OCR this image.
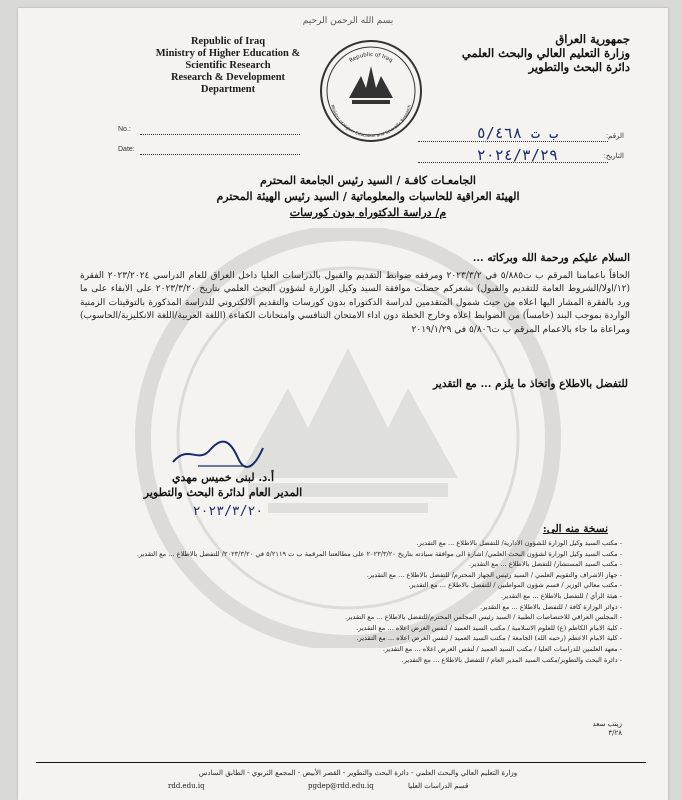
بسم الله الرحمن الرحيم
Republic of Iraq
Ministry of Higher Education &
Scientific Research
Research & Development
Department
Republic of Iraq
Ministry of Higher Education and Scientific Research
جمهورية العراق
وزارة التعليم العالي والبحث العلمي
دائرة البحث والتطوير
No.:
Date:
ب ت ٥/٤٦٨	الرقم:
٢٠٢٤/٣/٢٩	التاريخ:
الجامعـات كافـة / السيد رئيس الجامعة المحترم
الهيئة العراقية للحاسبات والمعلوماتية / السيد رئيس الهيئة المحترم
م/ دراسة الدكتوراه بدون كورسات
السلام عليكم ورحمة الله وبركاته ...
الحاقاً باعمامنا المرقم ب ت٥/٨٨٥ في ٢٠٢٣/٣/٢ ومرفقه ضوابط التقديم والقبول بالدراسات العليا داخل العراق للعام الدراسي ٢٠٢٣/٢٠٢٤ الفقرة (١٢/اولا/الشروط العامة للتقديم والقبول) نشعركم حصلت موافقة السيد وكيل الوزارة لشؤون البحث العلمي بتاريخ ٢٠٢٣/٣/٢٠ على الابقاء على ما ورد بالفقرة المشار اليها اعلاه من حيث شمول المتقدمين لدراسة الدكتوراه بدون كورسات والتقديم الالكتروني للدراسة المذكورة بالتوقيتات الزمنية الواردة بموجب البند (خامساً) من الضوابط اعلاه وخارج الخطة دون اداء الامتحان التنافسي وامتحانات الكفاءة (اللغة العربية/اللغة الانكليزية/الحاسوب) ومراعاة ما جاء بالاعمام المرقم ب ت٥/٨٠٦ في ٢٠١٩/١/٢٩
للتفضل بالاطلاع واتخاذ ما يلزم ... مع التقدير
أ.د. لبنى خميس مهدي
المدير العام لدائرة البحث والتطوير
٢٠٢٣/٣/٢٠
نسخة منه الى:
- مكتب السيد وكيل الوزارة للشؤون الادارية/ للتفضل بالاطلاع ... مع التقدير.
- مكتب السيد وكيل الوزارة لشؤون البحث العلمي/ اشارة الى موافقة سيادته بتاريخ ٢٠٢٣/٣/٢٠ على مطالعتنا المرقمة ب ت ٥/٢١١٩ في ٢٠٢٣/٣/٢٠/ للتفضل بالاطلاع ... مع التقدير.
- مكتب السيد المستشار/ للتفضل بالاطلاع ... مع التقدير.
- جهاز الاشراف والتقويم العلمي / السيد رئيس الجهاز المحترم/ للتفضل بالاطلاع ... مع التقدير.
- مكتب معالي الوزير / قسم شؤون المواطنين / للتفضل بالاطلاع ... مع التقدير.
- هيئة الرأي / للتفضل بالاطلاع ... مع التقدير.
- دوائر الوزارة كافة / للتفضل بالاطلاع ... مع التقدير.
- المجلس العراقي للاختصاصات الطبية / السيد رئيس المجلس المحترم/للتفضل بالاطلاع ... مع التقدير.
- كلية الامام الكاظم (ع) للعلوم الاسلامية / مكتب السيد العميد / لنفس الغرض اعلاه ... مع التقدير.
- كلية الامام الاعظم (رحمه الله) الجامعة / مكتب السيد العميد / لنفس الغرض اعلاه ... مع التقدير.
- معهد العلمين للدراسات العليا / مكتب السيد العميد / لنفس الغرض اعلاه ... مع التقدير.
- دائرة البحث والتطوير/مكتب السيد المدير العام / للتفضل بالاطلاع ... مع التقدير.
زينب سعد
٣/٢٨
وزارة التعليم العالي والبحث العلمي - دائرة البحث والتطوير - القصر الأبيض - المجمع التربوي - الطابق السادس
rdd.edu.iq	pgdep@rdd.edu.iq	قسم الدراسات العليا
